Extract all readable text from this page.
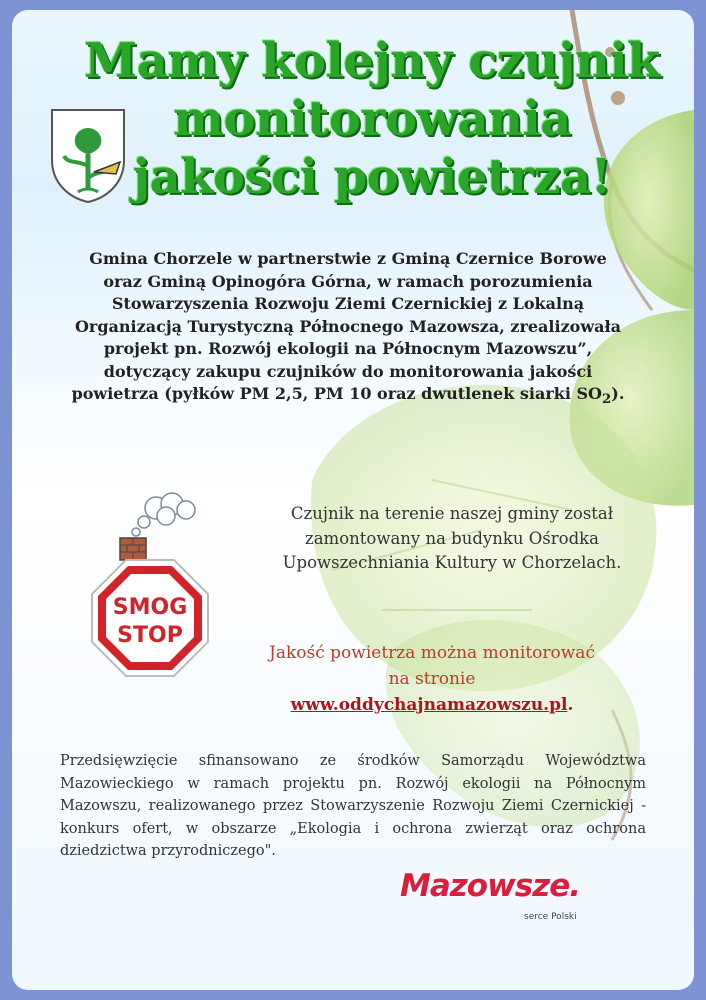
Mamy kolejny czujnik
monitorowania
jakości powietrza!

Gmina Chorzele w partnerstwie z Gminą Czernice Borowe oraz Gminą Opinogóra Górna, w ramach porozumienia Stowarzyszenia Rozwoju Ziemi Czernickiej z Lokalną Organizacją Turystyczną Północnego Mazowsza, zrealizowała projekt pn. Rozwój ekologii na Północnym Mazowszu”, dotyczący zakupu czujników do monitorowania jakości powietrza (pyłków PM 2,5, PM 10 oraz dwutlenek siarki $SO_2$).

SMOG
STOP

Czujnik na terenie naszej gminy został zamontowany na budynku Ośrodka Upowszechniania Kultury w Chorzelach.

Jakość powietrza można monitorować
na stronie
www.oddychajnamazowszu.pl.

Przedsięwzięcie sfinansowano ze środków Samorządu Województwa Mazowieckiego w ramach projektu pn. Rozwój ekologii na Północnym Mazowszu, realizowanego przez Stowarzyszenie Rozwoju Ziemi Czernickiej - konkurs ofert, w obszarze „Ekologia i ochrona zwierząt oraz ochrona dziedzictwa przyrodniczego".

Mazowsze.
serce Polski
